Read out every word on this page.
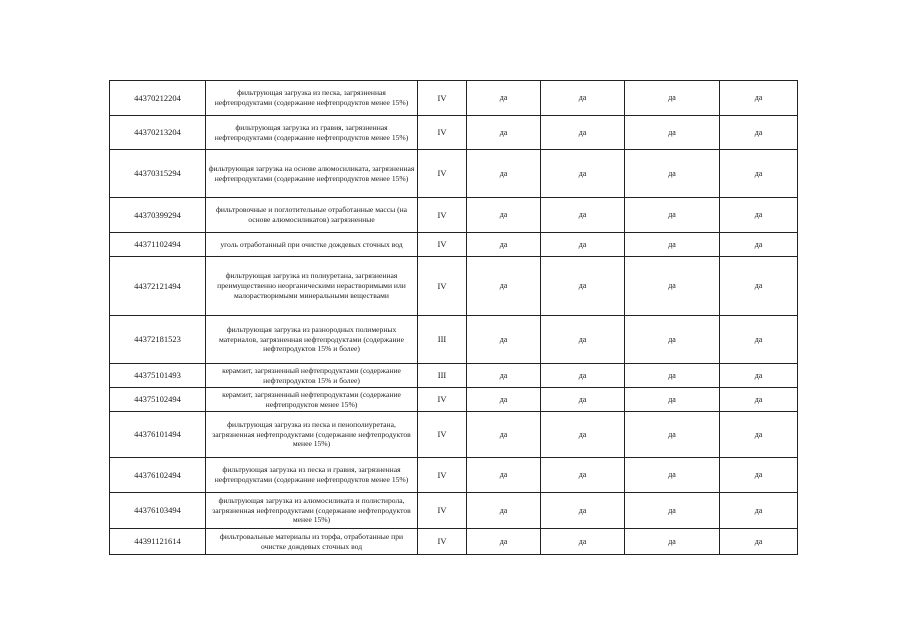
44370212204	фильтрующая загрузка из песка, загрязненная нефтепродуктами (содержание нефтепродуктов менее 15%)	IV	да	да	да	да
44370213204	фильтрующая загрузка из гравия, загрязненная нефтепродуктами (содержание нефтепродуктов менее 15%)	IV	да	да	да	да
44370315294	фильтрующая загрузка на основе алюмосиликата, загрязненная нефтепродуктами (содержание нефтепродуктов менее 15%)	IV	да	да	да	да
44370399294	фильтровочные и поглотительные отработанные массы (на основе алюмосиликатов) загрязненные	IV	да	да	да	да
44371102494	уголь отработанный при очистке дождевых сточных вод	IV	да	да	да	да
44372121494	фильтрующая загрузка из полиуретана, загрязненная преимущественно неорганическими нерастворимыми или малорастворимыми минеральными веществами	IV	да	да	да	да
44372181523	фильтрующая загрузка из разнородных полимерных материалов, загрязненная нефтепродуктами (содержание нефтепродуктов 15% и более)	III	да	да	да	да
44375101493	керамзит, загрязненный нефтепродуктами (содержание нефтепродуктов 15% и более)	III	да	да	да	да
44375102494	керамзит, загрязненный нефтепродуктами (содержание нефтепродуктов менее 15%)	IV	да	да	да	да
44376101494	фильтрующая загрузка из песка и пенополиуретана, загрязненная нефтепродуктами (содержание нефтепродуктов менее 15%)	IV	да	да	да	да
44376102494	фильтрующая загрузка из песка и гравия, загрязненная нефтепродуктами (содержание нефтепродуктов менее 15%)	IV	да	да	да	да
44376103494	фильтрующая загрузка из алюмосиликата и полистирола, загрязненная нефтепродуктами (содержание нефтепродуктов менее 15%)	IV	да	да	да	да
44391121614	фильтровальные материалы из торфа, отработанные при очистке дождевых сточных вод	IV	да	да	да	да
